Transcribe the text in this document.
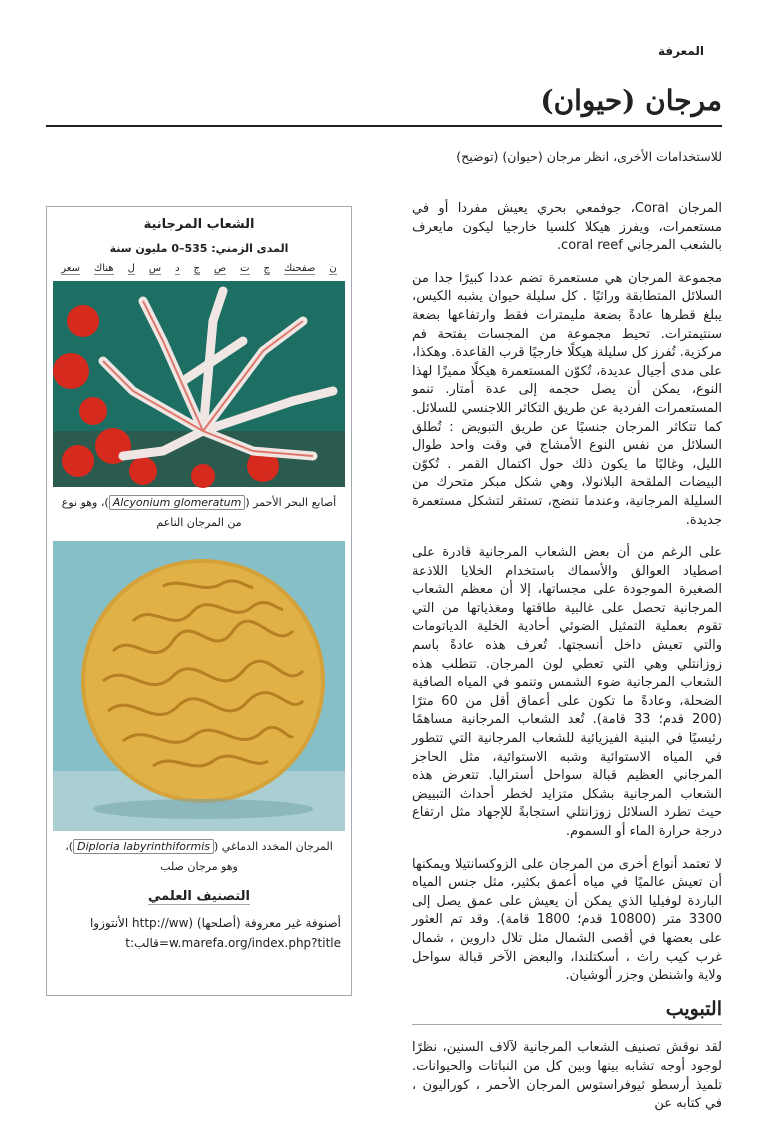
المعرفة
مرجان (حيوان)
للاستخدامات الأخرى، انظر مرجان (حيوان) (توضيح)

المرجان Coral، جوفمعي بحري يعيش مفردا أو في مستعمرات، ويفرز هيكلا كلسيا خارجيا ليكون مايعرف بالشعب المرجاني coral reef.

مجموعة المرجان هي مستعمرة تضم عددا كبيرًا جدا من السلائل المتطابقة وراثيًا . كل سليلة حيوان يشبه الكيس، يبلغ قطرها عادةً بضعة مليمترات فقط وارتفاعها بضعة سنتيمترات. تحيط مجموعة من المجسات بفتحة فم مركزية. تُفرز كل سليلة هيكلًا خارجيًا قرب القاعدة. وهكذا، على مدى أجيال عديدة، تُكوّن المستعمرة هيكلًا مميزًا لهذا النوع، يمكن أن يصل حجمه إلى عدة أمتار. تنمو المستعمرات الفردية عن طريق التكاثر اللاجنسي للسلائل. كما تتكاثر المرجان جنسيًا عن طريق التبويض : تُطلق السلائل من نفس النوع الأمشاج في وقت واحد طوال الليل، وغالبًا ما يكون ذلك حول اكتمال القمر . تُكوّن البيضات الملقحة البلانولا، وهي شكل مبكر متحرك من السليلة المرجانية، وعندما تنضج، تستقر لتشكل مستعمرة جديدة.

على الرغم من أن بعض الشعاب المرجانية قادرة على اصطياد العوالق والأسماك باستخدام الخلايا اللاذعة الصغيرة الموجودة على مجساتها، إلا أن معظم الشعاب المرجانية تحصل على غالبية طاقتها ومغذياتها من التي تقوم بعملية التمثيل الضوئي أحادية الخلية الدياتومات والتي تعيش داخل أنسجتها. تُعرف هذه عادةً باسم زوزانتلي وهي التي تعطي لون المرجان. تتطلب هذه الشعاب المرجانية ضوء الشمس وتنمو في المياه الصافية الضحلة، وعادةً ما تكون على أعماق أقل من 60 مترًا (200 قدم؛ 33 قامة). تُعد الشعاب المرجانية مساهمًا رئيسيًا في البنية الفيزيائية للشعاب المرجانية التي تتطور في المياه الاستوائية وشبه الاستوائية، مثل الحاجز المرجاني العظيم قبالة سواحل أستراليا. تتعرض هذه الشعاب المرجانية بشكل متزايد لخطر أحداث التبييض حيث تطرد السلائل زوزانتلي استجابةً للإجهاد مثل ارتفاع درجة حرارة الماء أو السموم.

لا تعتمد أنواع أخرى من المرجان على الزوكسانتيلا ويمكنها أن تعيش عالميًا في مياه أعمق بكثير، مثل جنس المياه الباردة لوفيليا الذي يمكن أن يعيش على عمق يصل إلى 3300 متر (10800 قدم؛ 1800 قامة). وقد تم العثور على بعضها في أقصى الشمال مثل تلال داروين ، شمال غرب كيب راث ، أسكتلندا، والبعض الآخر قبالة سواحل ولاية واشنطن وجزر ألوشيان.

التبويب

لقد نوقش تصنيف الشعاب المرجانية لآلاف السنين، نظرًا لوجود أوجه تشابه بينها وبين كل من النباتات والحيوانات. تلميذ أرسطو ثيوفراستوس المرجان الأحمر ، كوراليون ، في كتابه عن

الشعاب المرجانية
المدى الزمني: 535–0 مليون سنة
ن
صفحنك
ج
ت
ص
ج
د
س
ل
هناك
سعر
أصابع البحر الأحمر (Alcyonium glomeratum)، وهو نوع من المرجان الناعم
المرجان المخدد الدماغي (Diploria labyrinthiformis)، وهو مرجان صلب
التصنيف العلمي
أصنوفة غير معروفة (أصلحها) (http://ww الأنتوزوا
w.marefa.org/index.php?title=قالب:t
